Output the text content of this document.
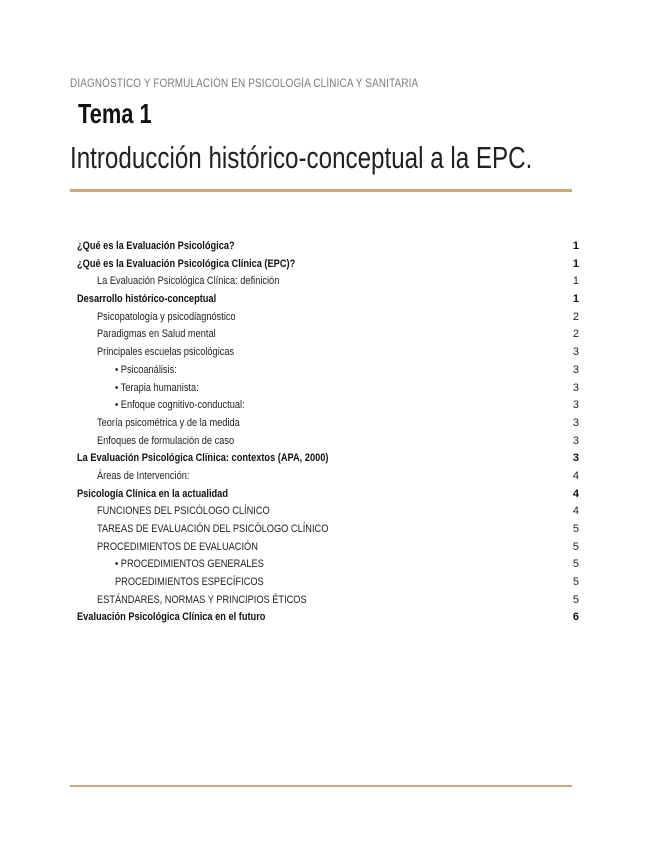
DIAGNÓSTICO Y FORMULACIÓN EN PSICOLOGÍA CLÍNICA Y SANITARIA
Tema 1
Introducción histórico-conceptual a la EPC.
¿Qué es la Evaluación Psicológica?	1
¿Qué es la Evaluación Psicológica Clínica (EPC)?	1
La Evaluación Psicológica Clínica: definición	1
Desarrollo histórico-conceptual	1
Psicopatología y psicodiagnóstico	2
Paradigmas en Salud mental	2
Principales escuelas psicológicas	3
• Psicoanálisis:	3
• Terapia humanista:	3
• Enfoque cognitivo-conductual:	3
Teoría psicométrica y de la medida	3
Enfoques de formulación de caso	3
La Evaluación Psicológica Clínica: contextos (APA, 2000)	3
Áreas de Intervención:	4
Psicología Clínica en la actualidad	4
FUNCIONES DEL PSICÓLOGO CLÍNICO	4
TAREAS DE EVALUACIÓN DEL PSICÓLOGO CLÍNICO	5
PROCEDIMIENTOS DE EVALUACIÓN	5
• PROCEDIMIENTOS GENERALES	5
PROCEDIMIENTOS ESPECÍFICOS	5
ESTÁNDARES, NORMAS Y PRINCIPIOS ÉTICOS	5
Evaluación Psicológica Clínica en el futuro	6
